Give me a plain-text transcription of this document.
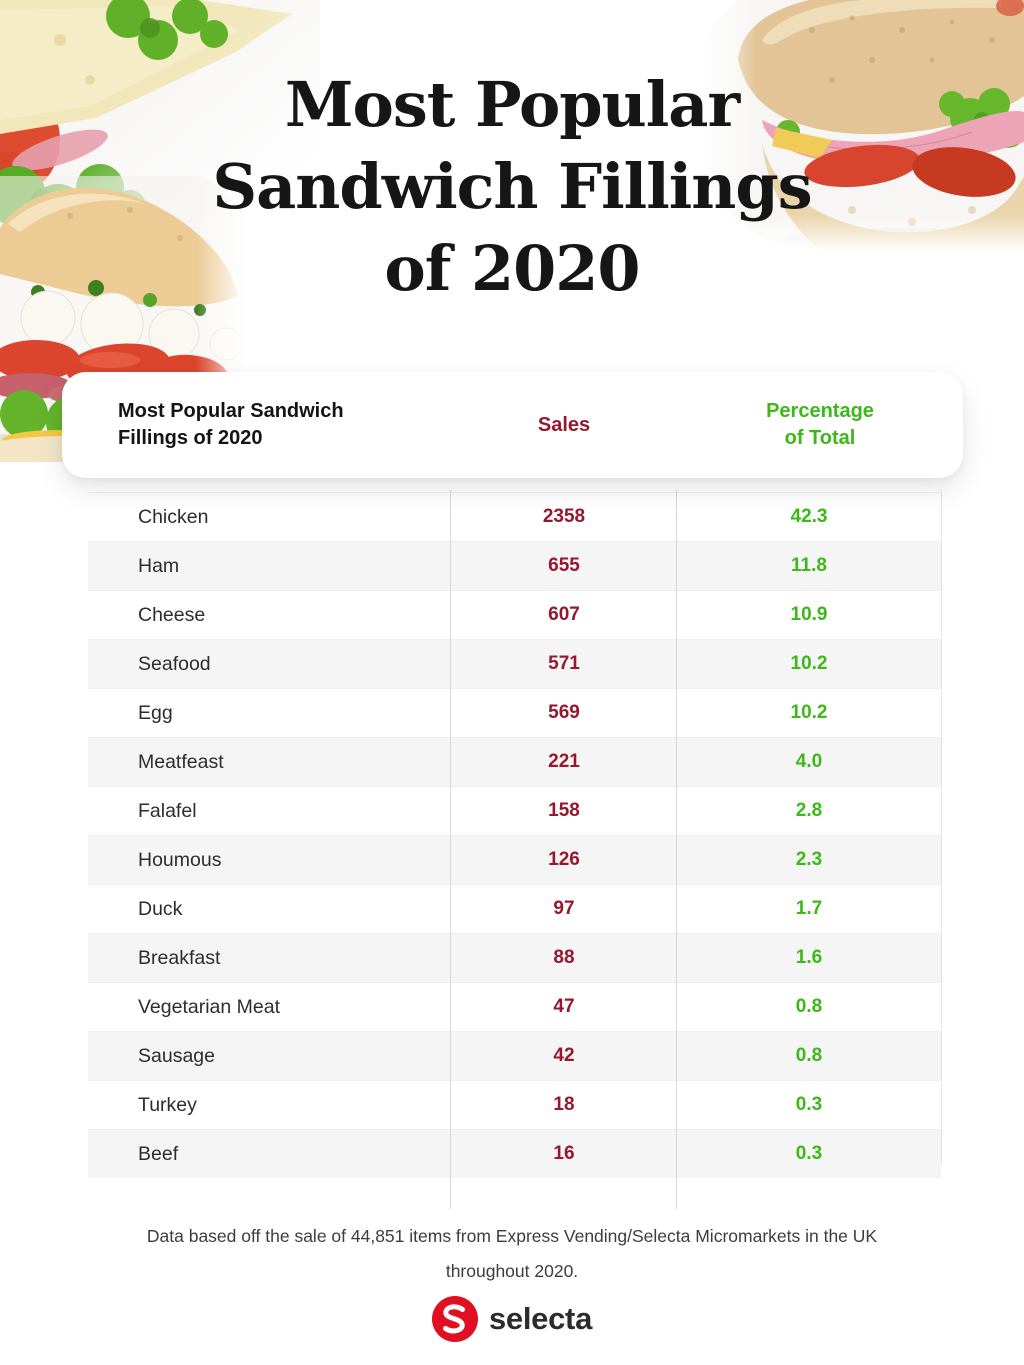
Most Popular
Sandwich Fillings
of 2020
Most Popular Sandwich Fillings of 2020
Sales
Percentage of Total
Chicken	2358	42.3
Ham	655	11.8
Cheese	607	10.9
Seafood	571	10.2
Egg	569	10.2
Meatfeast	221	4.0
Falafel	158	2.8
Houmous	126	2.3
Duck	97	1.7
Breakfast	88	1.6
Vegetarian Meat	47	0.8
Sausage	42	0.8
Turkey	18	0.3
Beef	16	0.3

Data based off the sale of 44,851 items from Express Vending/Selecta Micromarkets in the UK throughout 2020.

selecta
